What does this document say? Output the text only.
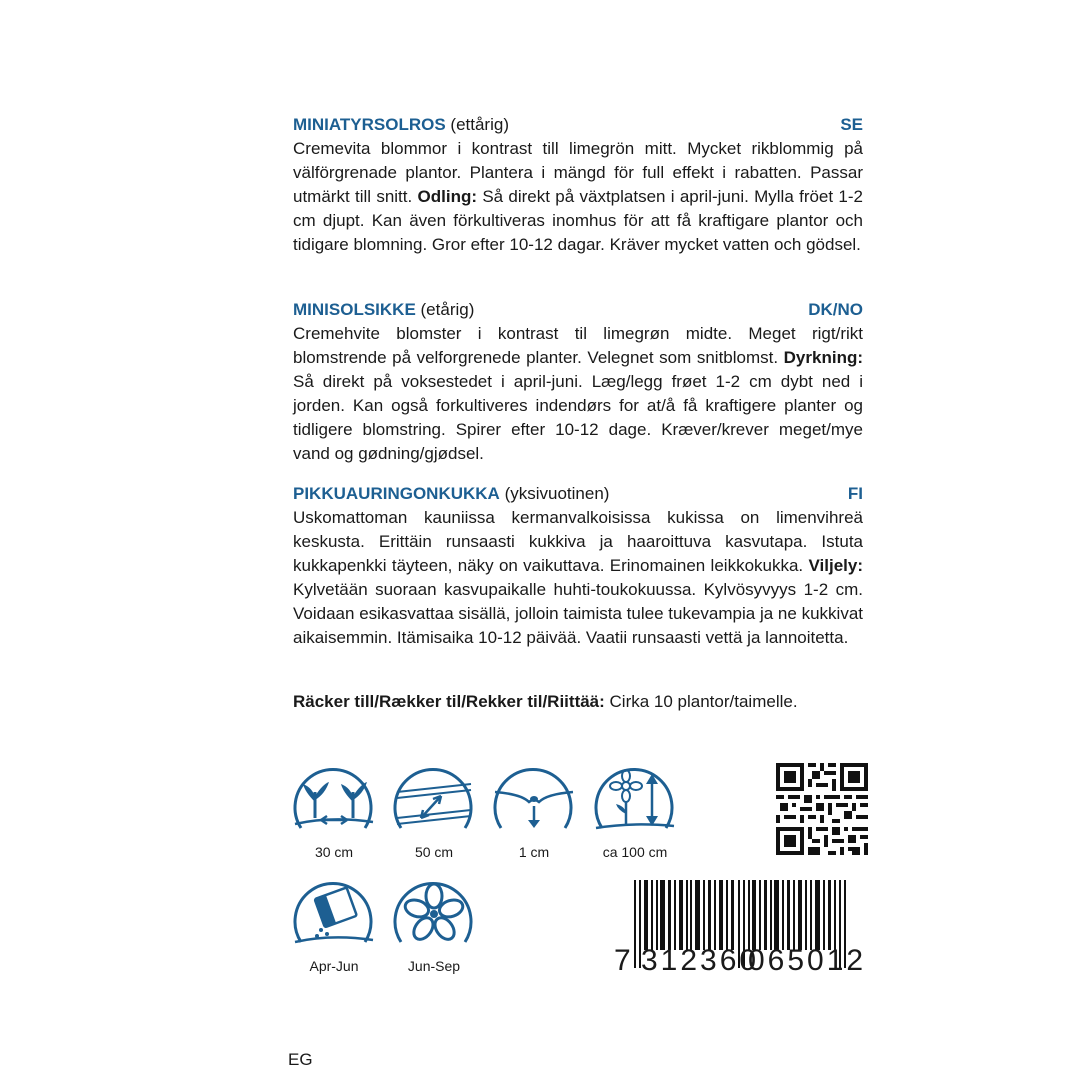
MINIATYRSOLROS (ettårig)	SE
Cremevita blommor i kontrast till limegrön mitt. Mycket rikblommig på välförgrenade plantor. Plantera i mängd för full effekt i rabatten. Passar utmärkt till snitt. Odling: Så direkt på växtplatsen i april-juni. Mylla fröet 1-2 cm djupt. Kan även förkultiveras inomhus för att få kraftigare plantor och tidigare blomning. Gror efter 10-12 dagar. Kräver mycket vatten och gödsel.
MINISOLSIKKE (etårig)	DK/NO
Cremehvite blomster i kontrast til limegrøn midte. Meget rigt/rikt blomstrende på velforgrenede planter. Velegnet som snitblomst. Dyrkning: Så direkt på voksestedet i april-juni. Læg/legg frøet 1-2 cm dybt ned i jorden. Kan også forkultiveres indendørs for at/å få kraftigere planter og tidligere blomstring. Spirer efter 10-12 dage. Kræver/krever meget/mye vand og gødning/gjødsel.
PIKKUAURINGONKUKKA (yksivuotinen)	FI
Uskomattoman kauniissa kermanvalkoisissa kukissa on limenvihreä keskusta. Erittäin runsaasti kukkiva ja haaroittuva kasvutapa. Istuta kukkapenkki täyteen, näky on vaikuttava. Erinomainen leikkokukka. Viljely: Kylvetään suoraan kasvupaikalle huhti-toukokuussa. Kylvösyvyys 1-2 cm. Voidaan esikasvattaa sisällä, jolloin taimista tulee tukevampia ja ne kukkivat aikaisemmin. Itämisaika 10-12 päivää. Vaatii runsaasti vettä ja lannoitetta.
Räcker till/Rækker til/Rekker til/Riittää: Cirka 10 plantor/taimelle.
30 cm	50 cm	1 cm	ca 100 cm
Apr-Jun	Jun-Sep	7 312360
065012
EG
